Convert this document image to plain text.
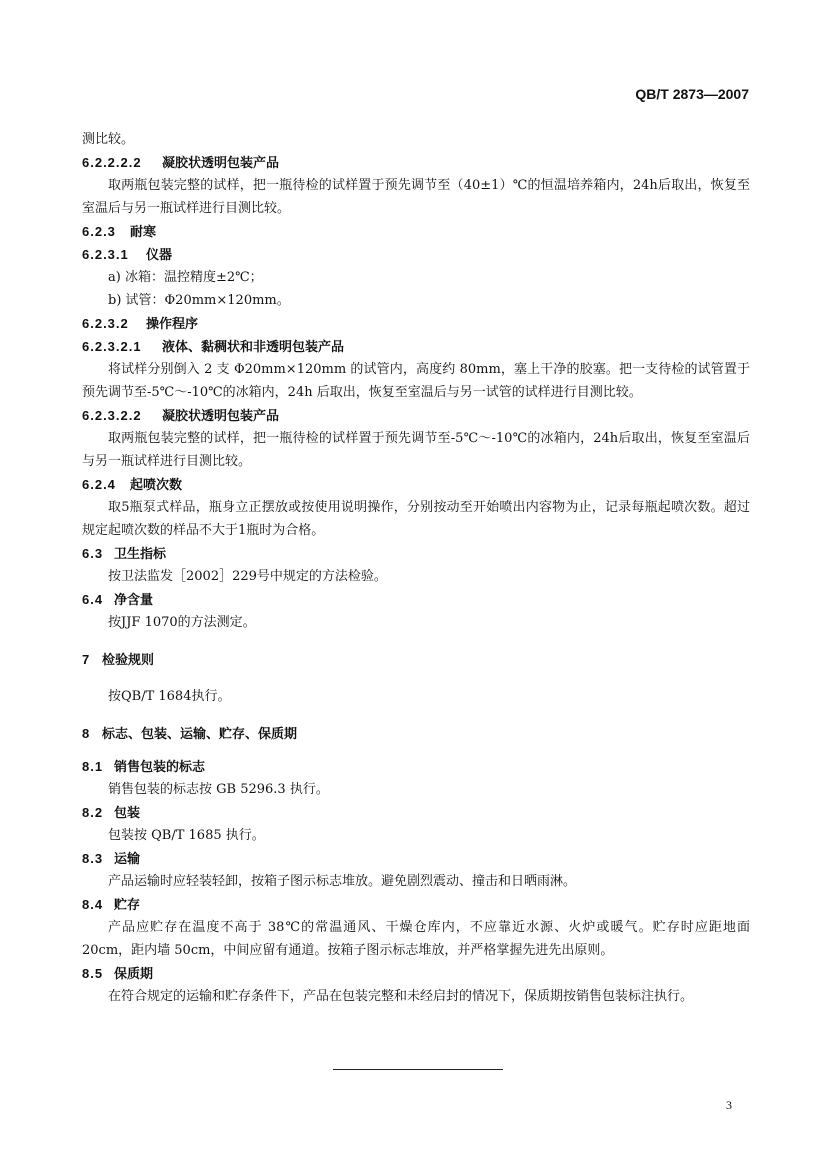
QB/T 2873—2007
测比较。
6.2.2.2.2 凝胶状透明包装产品
取两瓶包装完整的试样，把一瓶待检的试样置于预先调节至（40±1）℃的恒温培养箱内，24h后取出，恢复至室温后与另一瓶试样进行目测比较。
6.2.3 耐寒
6.2.3.1 仪器
a) 冰箱：温控精度±2℃；
b) 试管：Φ20mm×120mm。
6.2.3.2 操作程序
6.2.3.2.1 液体、黏稠状和非透明包装产品
将试样分别倒入 2 支 Φ20mm×120mm 的试管内，高度约 80mm，塞上干净的胶塞。把一支待检的试管置于预先调节至-5℃～-10℃的冰箱内，24h 后取出，恢复至室温后与另一试管的试样进行目测比较。
6.2.3.2.2 凝胶状透明包装产品
取两瓶包装完整的试样，把一瓶待检的试样置于预先调节至-5℃～-10℃的冰箱内，24h后取出，恢复至室温后与另一瓶试样进行目测比较。
6.2.4 起喷次数
取5瓶泵式样品，瓶身立正摆放或按使用说明操作，分别按动至开始喷出内容物为止，记录每瓶起喷次数。超过规定起喷次数的样品不大于1瓶时为合格。
6.3 卫生指标
按卫法监发［2002］229号中规定的方法检验。
6.4 净含量
按JJF 1070的方法测定。
7 检验规则
按QB/T 1684执行。
8 标志、包装、运输、贮存、保质期
8.1 销售包装的标志
销售包装的标志按 GB 5296.3 执行。
8.2 包装
包装按 QB/T 1685 执行。
8.3 运输
产品运输时应轻装轻卸，按箱子图示标志堆放。避免剧烈震动、撞击和日晒雨淋。
8.4 贮存
产品应贮存在温度不高于 38℃的常温通风、干燥仓库内，不应靠近水源、火炉或暖气。贮存时应距地面 20cm，距内墙 50cm，中间应留有通道。按箱子图示标志堆放，并严格掌握先进先出原则。
8.5 保质期
在符合规定的运输和贮存条件下，产品在包装完整和未经启封的情况下，保质期按销售包装标注执行。
3
